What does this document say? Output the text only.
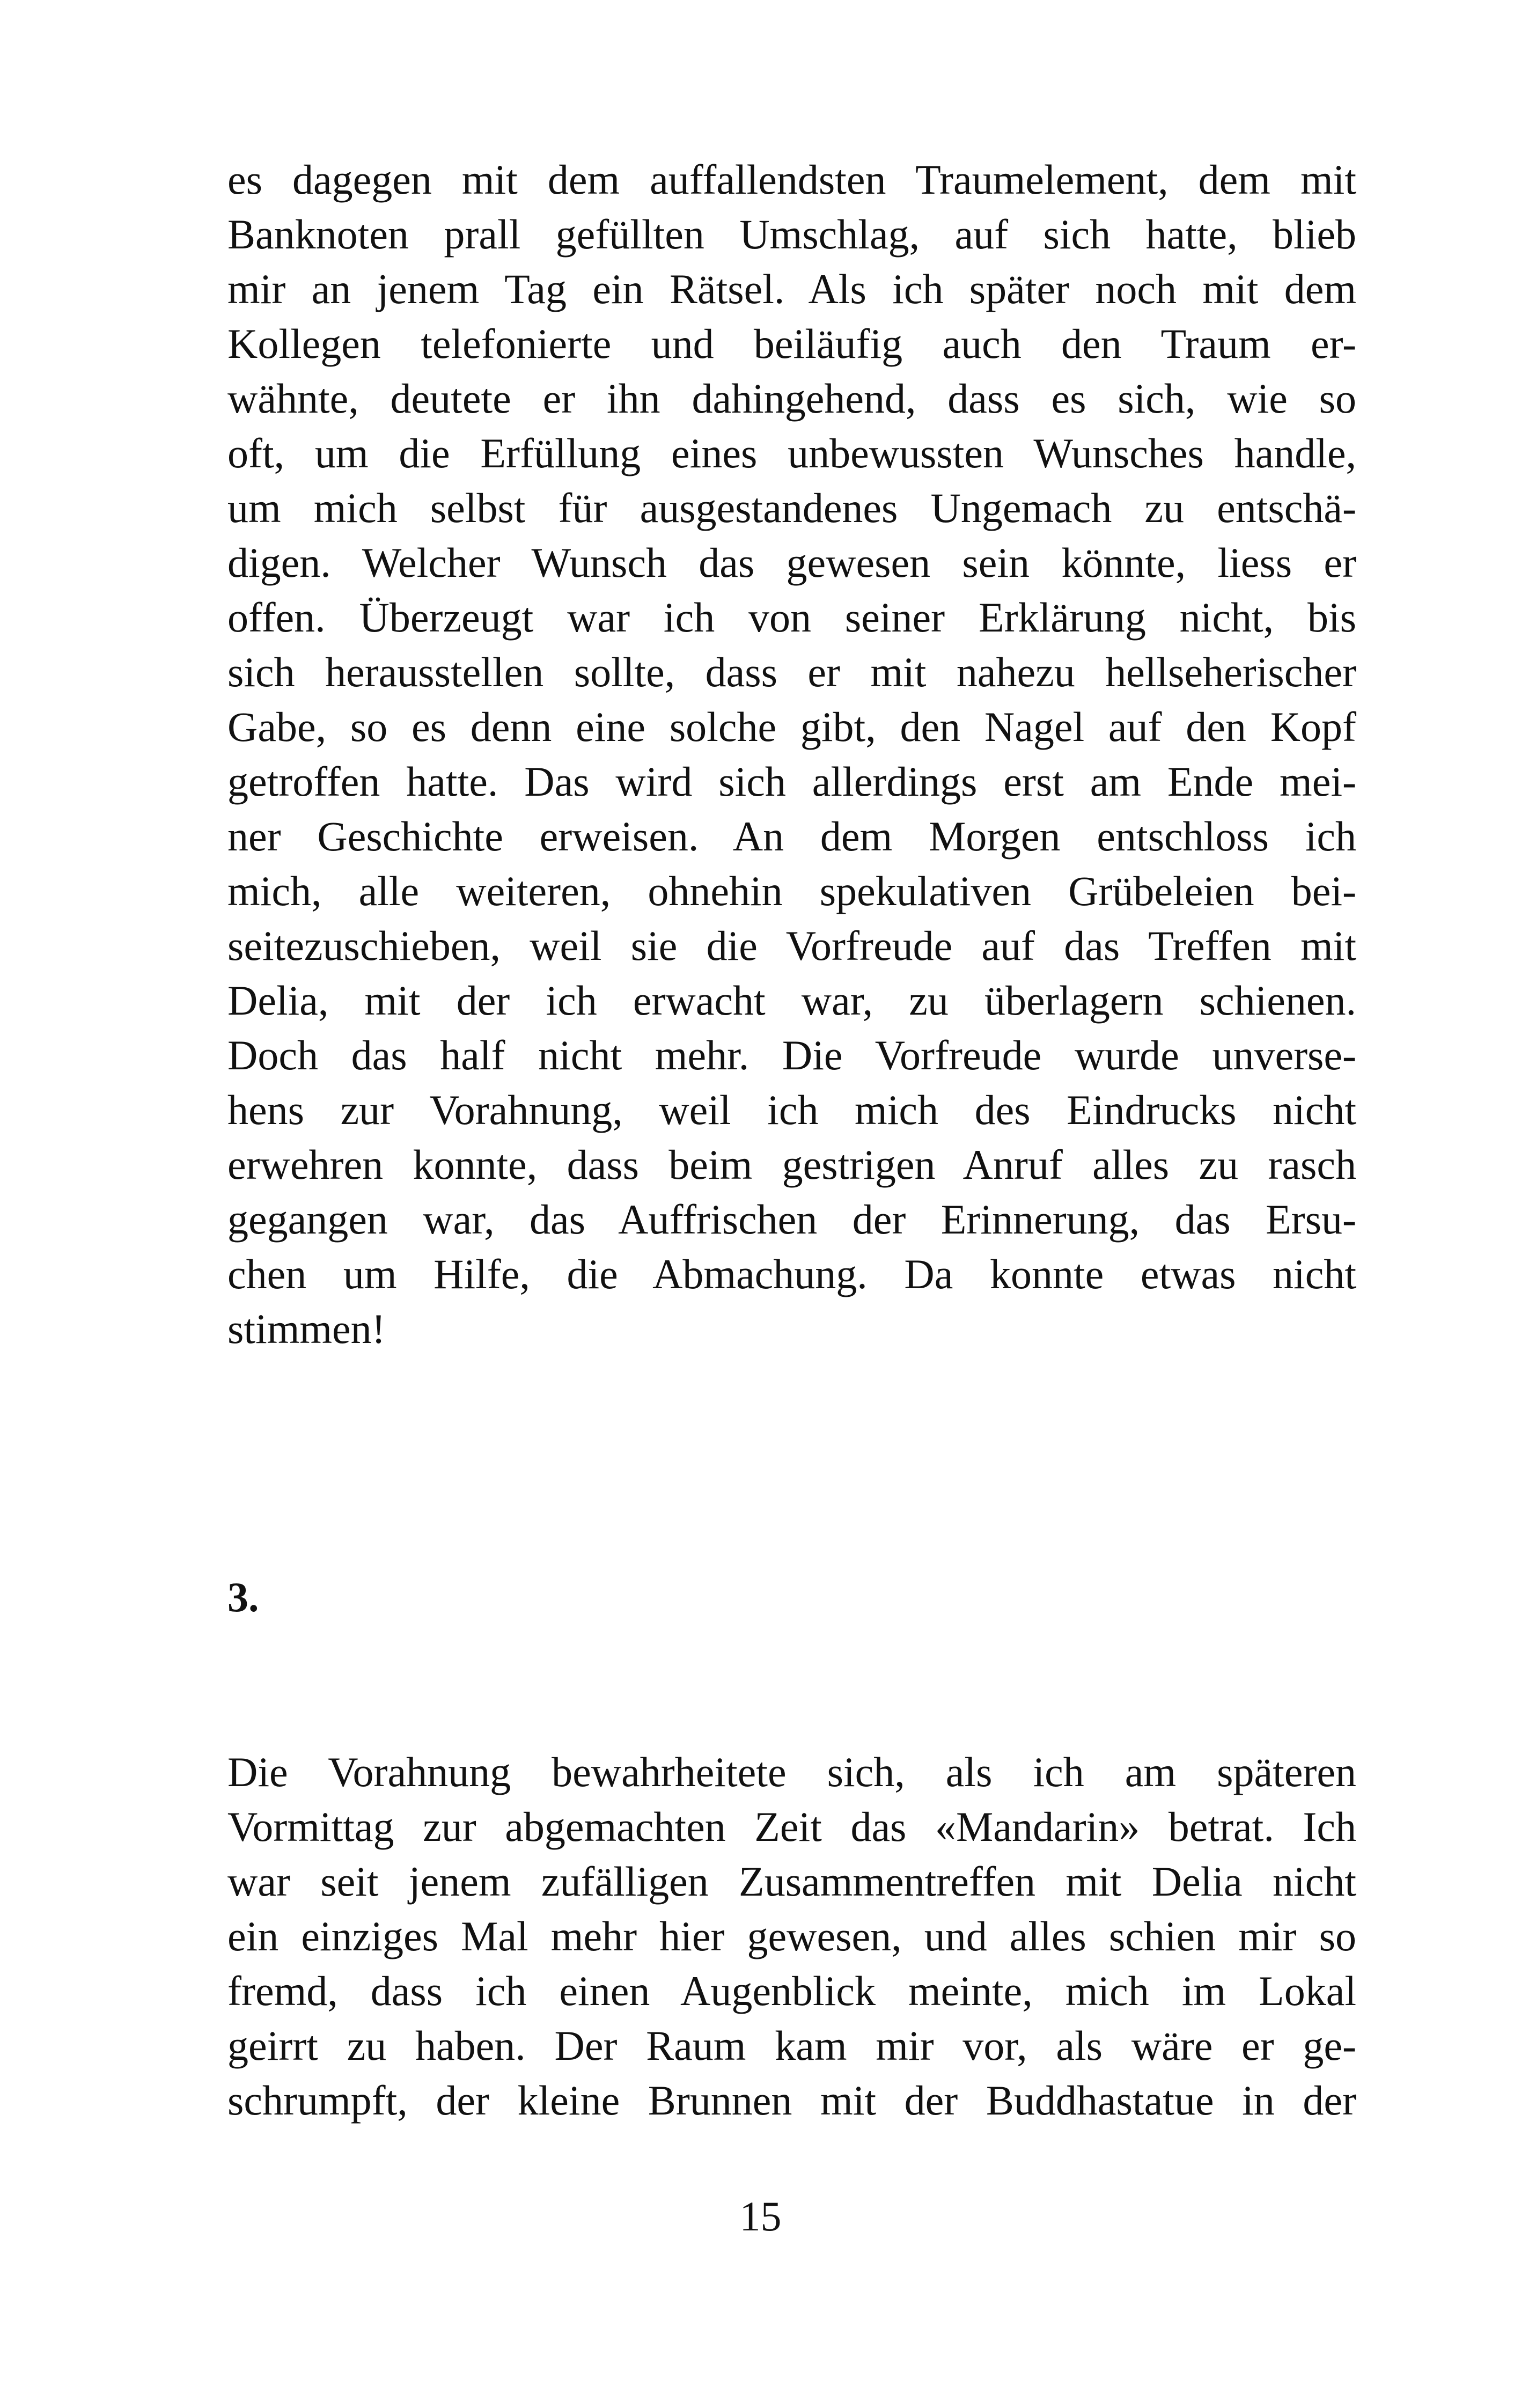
es dagegen mit dem auffallendsten Traumelement, dem mit
Banknoten prall gefüllten Umschlag, auf sich hatte, blieb
mir an jenem Tag ein Rätsel. Als ich später noch mit dem
Kollegen telefonierte und beiläufig auch den Traum er-
wähnte, deutete er ihn dahingehend, dass es sich, wie so
oft, um die Erfüllung eines unbewussten Wunsches handle,
um mich selbst für ausgestandenes Ungemach zu entschä-
digen. Welcher Wunsch das gewesen sein könnte, liess er
offen. Überzeugt war ich von seiner Erklärung nicht, bis
sich herausstellen sollte, dass er mit nahezu hellseherischer
Gabe, so es denn eine solche gibt, den Nagel auf den Kopf
getroffen hatte. Das wird sich allerdings erst am Ende mei-
ner Geschichte erweisen. An dem Morgen entschloss ich
mich, alle weiteren, ohnehin spekulativen Grübeleien bei-
seitezuschieben, weil sie die Vorfreude auf das Treffen mit
Delia, mit der ich erwacht war, zu überlagern schienen.
Doch das half nicht mehr. Die Vorfreude wurde unverse-
hens zur Vorahnung, weil ich mich des Eindrucks nicht
erwehren konnte, dass beim gestrigen Anruf alles zu rasch
gegangen war, das Auffrischen der Erinnerung, das Ersu-
chen um Hilfe, die Abmachung. Da konnte etwas nicht
stimmen!
3.
Die Vorahnung bewahrheitete sich, als ich am späteren
Vormittag zur abgemachten Zeit das «Mandarin» betrat. Ich
war seit jenem zufälligen Zusammentreffen mit Delia nicht
ein einziges Mal mehr hier gewesen, und alles schien mir so
fremd, dass ich einen Augenblick meinte, mich im Lokal
geirrt zu haben. Der Raum kam mir vor, als wäre er ge-
schrumpft, der kleine Brunnen mit der Buddhastatue in der
15
